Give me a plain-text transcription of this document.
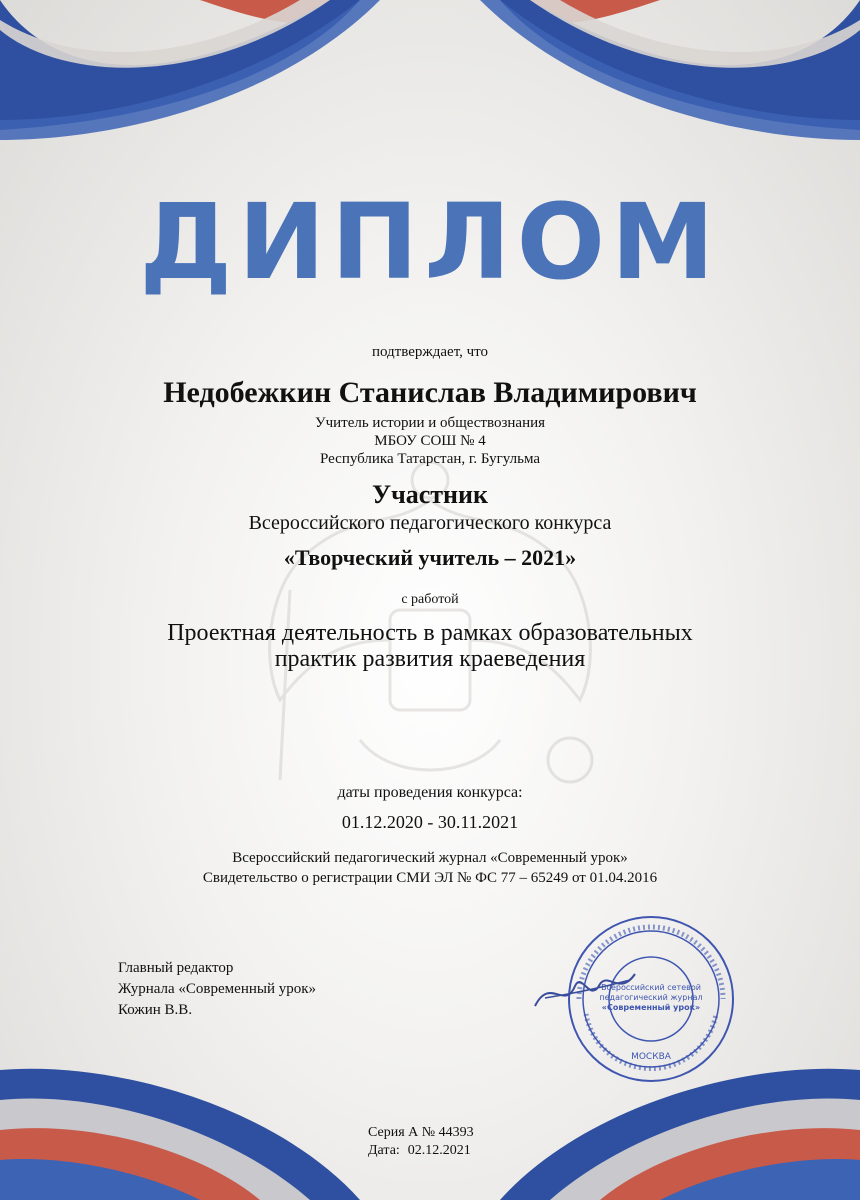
ДИПЛОМ
подтверждает, что
Недобежкин Станислав Владимирович
Учитель истории и обществознания
МБОУ СОШ № 4
Республика Татарстан, г. Бугульма
Участник
Всероссийского педагогического конкурса
«Творческий учитель – 2021»
с работой
Проектная деятельность в рамках образовательных
практик развития краеведения
даты проведения конкурса:
01.12.2020 - 30.11.2021
Всероссийский педагогический журнал «Современный урок»
Свидетельство о регистрации СМИ ЭЛ № ФС 77 – 65249 от 01.04.2016
Главный редактор
Журнала «Современный урок»
Кожин В.В.
Всероссийский сетевой
педагогический журнал
«Современный урок»
МОСКВА
Серия А № 44393
Дата: 02.12.2021
